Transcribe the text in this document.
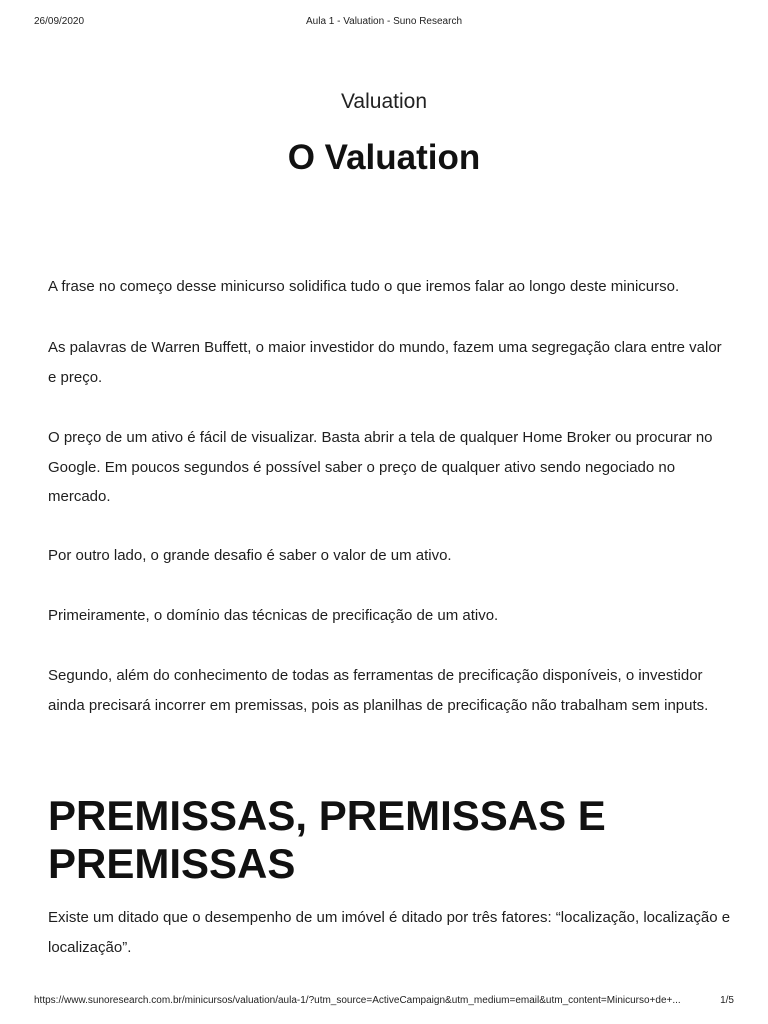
26/09/2020	Aula 1 - Valuation - Suno Research
Valuation
O Valuation

A frase no começo desse minicurso solidifica tudo o que iremos falar ao longo deste minicurso.

As palavras de Warren Buffett, o maior investidor do mundo, fazem uma segregação clara entre valor e preço.

O preço de um ativo é fácil de visualizar. Basta abrir a tela de qualquer Home Broker ou procurar no Google. Em poucos segundos é possível saber o preço de qualquer ativo sendo negociado no mercado.

Por outro lado, o grande desafio é saber o valor de um ativo.

Primeiramente, o domínio das técnicas de precificação de um ativo.

Segundo, além do conhecimento de todas as ferramentas de precificação disponíveis, o investidor ainda precisará incorrer em premissas, pois as planilhas de precificação não trabalham sem inputs.

PREMISSAS, PREMISSAS E PREMISSAS

Existe um ditado que o desempenho de um imóvel é ditado por três fatores: “localização, localização e localização”.

https://www.sunoresearch.com.br/minicursos/valuation/aula-1/?utm_source=ActiveCampaign&utm_medium=email&utm_content=Minicurso+de+...	1/5
